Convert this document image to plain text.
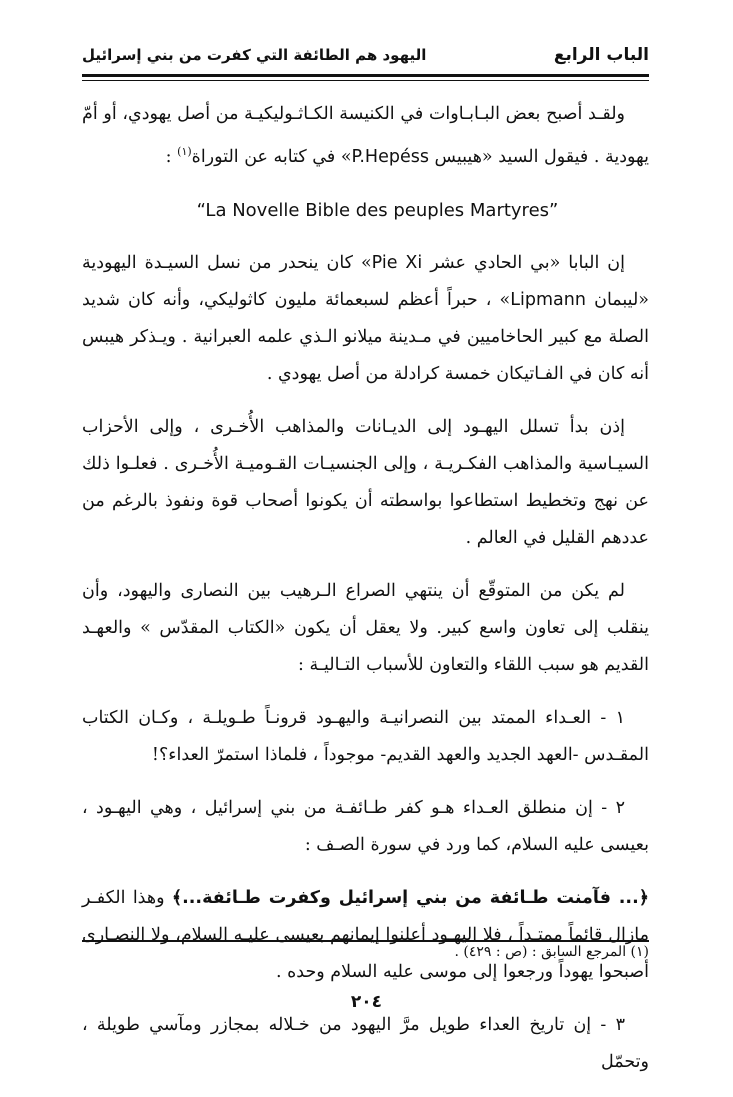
الباب الرابع
اليهود هم الطائفة التي كفرت من بني إسرائيل

ولقـد أصبح بعض البـابـاوات في الكنيسة الكـاثـوليكيـة من أصل يهودي، أو أمّ يهودية . فيقول السيد «هيبيس P.Hepéss» في كتابه عن التوراة$^{(١)}$ :

“La Novelle Bible des peuples Martyres”

إن البابا «بي الحادي عشر Pie Xi» كان ينحدر من نسل السيـدة اليهودية «ليبمان Lipmann» ، حبراً أعظم لسبعمائة مليون كاثوليكي، وأنه كان شديد الصلة مع كبير الحاخاميين في مـدينة ميلانو الـذي علمه العبرانية . ويـذكر هيبس أنه كان في الفـاتيكان خمسة كرادلة من أصل يهودي .

إذن بدأ تسلل اليهـود إلى الديـانات والمذاهب الأُخـرى ، وإلى الأحزاب السيـاسية والمذاهب الفكـريـة ، وإلى الجنسيـات القـوميـة الأُخـرى . فعلـوا ذلك عن نهج وتخطيط استطاعوا بواسطته أن يكونوا أصحاب قوة ونفوذ بالرغم من عددهم القليل في العالم .

لم يكن من المتوقّع أن ينتهي الصراع الـرهيب بين النصارى واليهود، وأن ينقلب إلى تعاون واسع كبير. ولا يعقل أن يكون «الكتاب المقدّس » والعهـد القديم هو سبب اللقاء والتعاون للأسباب التـاليـة :

١ - العـداء الممتد بين النصرانيـة واليهـود قرونـاً طـويلـة ، وكـان الكتاب المقـدس -العهد الجديد والعهد القديم- موجوداً ، فلماذا استمرّ العداء؟!

٢ - إن منطلق العـداء هـو كفر طـائفـة من بني إسرائيل ، وهي اليهـود ، بعيسى عليه السلام، كما ورد في سورة الصـف :

﴿... فآمنت طـائفة من بني إسرائيل وكفرت طـائفة...﴾ وهذا الكفـر مازال قائماً ممتـداً ، فلا اليهـود أعلنوا إيمانهم بعيسى عليـه السلام، ولا النصـارى أصبحوا يهوداً ورجعوا إلى موسى عليه السلام وحده .

٣ - إن تاريخ العداء طويل مرَّ اليهود من خـلاله بمجازر ومآسي طويلة ، وتحمّل

(١) المرجع السابق : (ص : ٤٢٩) .
٢٠٤
